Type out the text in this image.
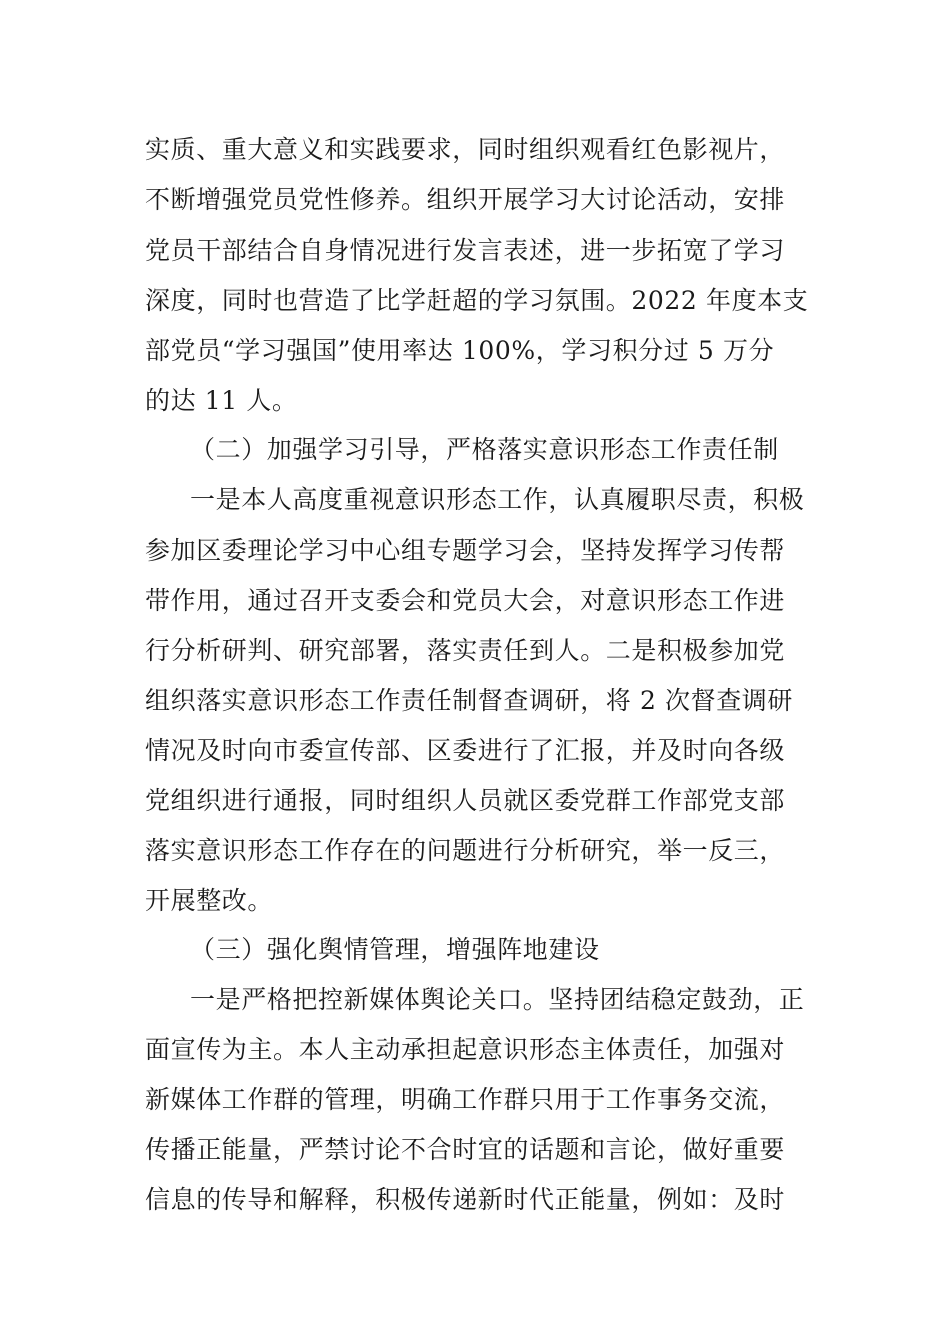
实质、重大意义和实践要求，同时组织观看红色影视片，
不断增强党员党性修养。组织开展学习大讨论活动，安排
党员干部结合自身情况进行发言表述，进一步拓宽了学习
深度，同时也营造了比学赶超的学习氛围。2022 年度本支
部党员“学习强国”使用率达 100%，学习积分过 5 万分
的达 11 人。
（二）加强学习引导，严格落实意识形态工作责任制
一是本人高度重视意识形态工作，认真履职尽责，积极
参加区委理论学习中心组专题学习会，坚持发挥学习传帮
带作用，通过召开支委会和党员大会，对意识形态工作进
行分析研判、研究部署，落实责任到人。二是积极参加党
组织落实意识形态工作责任制督查调研，将 2 次督查调研
情况及时向市委宣传部、区委进行了汇报，并及时向各级
党组织进行通报，同时组织人员就区委党群工作部党支部
落实意识形态工作存在的问题进行分析研究，举一反三，
开展整改。
（三）强化舆情管理，增强阵地建设
一是严格把控新媒体舆论关口。坚持团结稳定鼓劲，正
面宣传为主。本人主动承担起意识形态主体责任，加强对
新媒体工作群的管理，明确工作群只用于工作事务交流，
传播正能量，严禁讨论不合时宜的话题和言论，做好重要
信息的传导和解释，积极传递新时代正能量，例如：及时
